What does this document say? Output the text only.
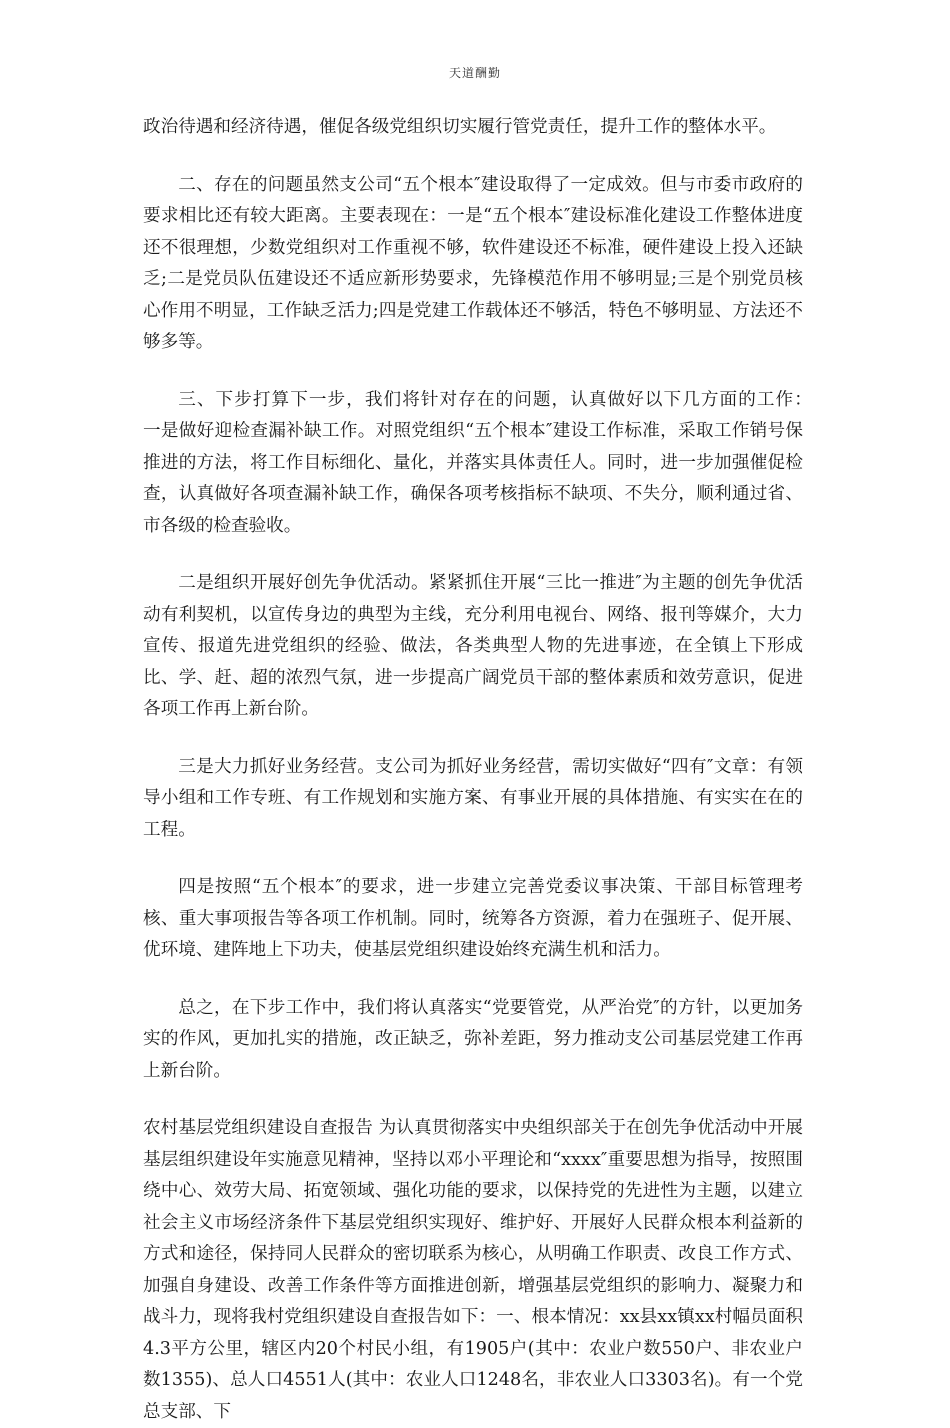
天道酬勤

政治待遇和经济待遇，催促各级党组织切实履行管党责任，提升工作的整体水平。

二、存在的问题虽然支公司“五个根本″建设取得了一定成效。但与市委市政府的要求相比还有较大距离。主要表现在：一是“五个根本″建设标准化建设工作整体进度还不很理想，少数党组织对工作重视不够，软件建设还不标准，硬件建设上投入还缺乏;二是党员队伍建设还不适应新形势要求，先锋模范作用不够明显;三是个别党员核心作用不明显，工作缺乏活力;四是党建工作载体还不够活，特色不够明显、方法还不够多等。

三、下步打算下一步，我们将针对存在的问题，认真做好以下几方面的工作：　　一是做好迎检查漏补缺工作。对照党组织“五个根本″建设工作标准，采取工作销号保推进的方法，将工作目标细化、量化，并落实具体责任人。同时，进一步加强催促检查，认真做好各项查漏补缺工作，确保各项考核指标不缺项、不失分，顺利通过省、市各级的检查验收。

二是组织开展好创先争优活动。紧紧抓住开展“三比一推进″为主题的创先争优活动有利契机，以宣传身边的典型为主线，充分利用电视台、网络、报刊等媒介，大力宣传、报道先进党组织的经验、做法，各类典型人物的先进事迹，在全镇上下形成比、学、赶、超的浓烈气氛，进一步提高广阔党员干部的整体素质和效劳意识，促进各项工作再上新台阶。

三是大力抓好业务经营。支公司为抓好业务经营，需切实做好“四有″文章：有领导小组和工作专班、有工作规划和实施方案、有事业开展的具体措施、有实实在在的工程。

四是按照“五个根本″的要求，进一步建立完善党委议事决策、干部目标管理考核、重大事项报告等各项工作机制。同时，统筹各方资源，着力在强班子、促开展、优环境、建阵地上下功夫，使基层党组织建设始终充满生机和活力。

总之，在下步工作中，我们将认真落实“党要管党，从严治党″的方针，以更加务实的作风，更加扎实的措施，改正缺乏，弥补差距，努力推动支公司基层党建工作再上新台阶。

农村基层党组织建设自查报告 为认真贯彻落实中央组织部关于在创先争优活动中开展基层组织建设年实施意见精神，坚持以邓小平理论和“xxxx″重要思想为指导，按照围绕中心、效劳大局、拓宽领域、强化功能的要求，以保持党的先进性为主题，以建立社会主义市场经济条件下基层党组织实现好、维护好、开展好人民群众根本利益新的方式和途径，保持同人民群众的密切联系为核心，从明确工作职责、改良工作方式、加强自身建设、改善工作条件等方面推进创新，增强基层党组织的影响力、凝聚力和战斗力，现将我村党组织建设自查报告如下：一、根本情况：xx县xx镇xx村幅员面积4.3平方公里，辖区内20个村民小组，有1905户(其中：农业户数550户、非农业户数1355)、总人口4551人(其中：农业人口1248名，非农业人口3303名)。有一个党总支部、下
